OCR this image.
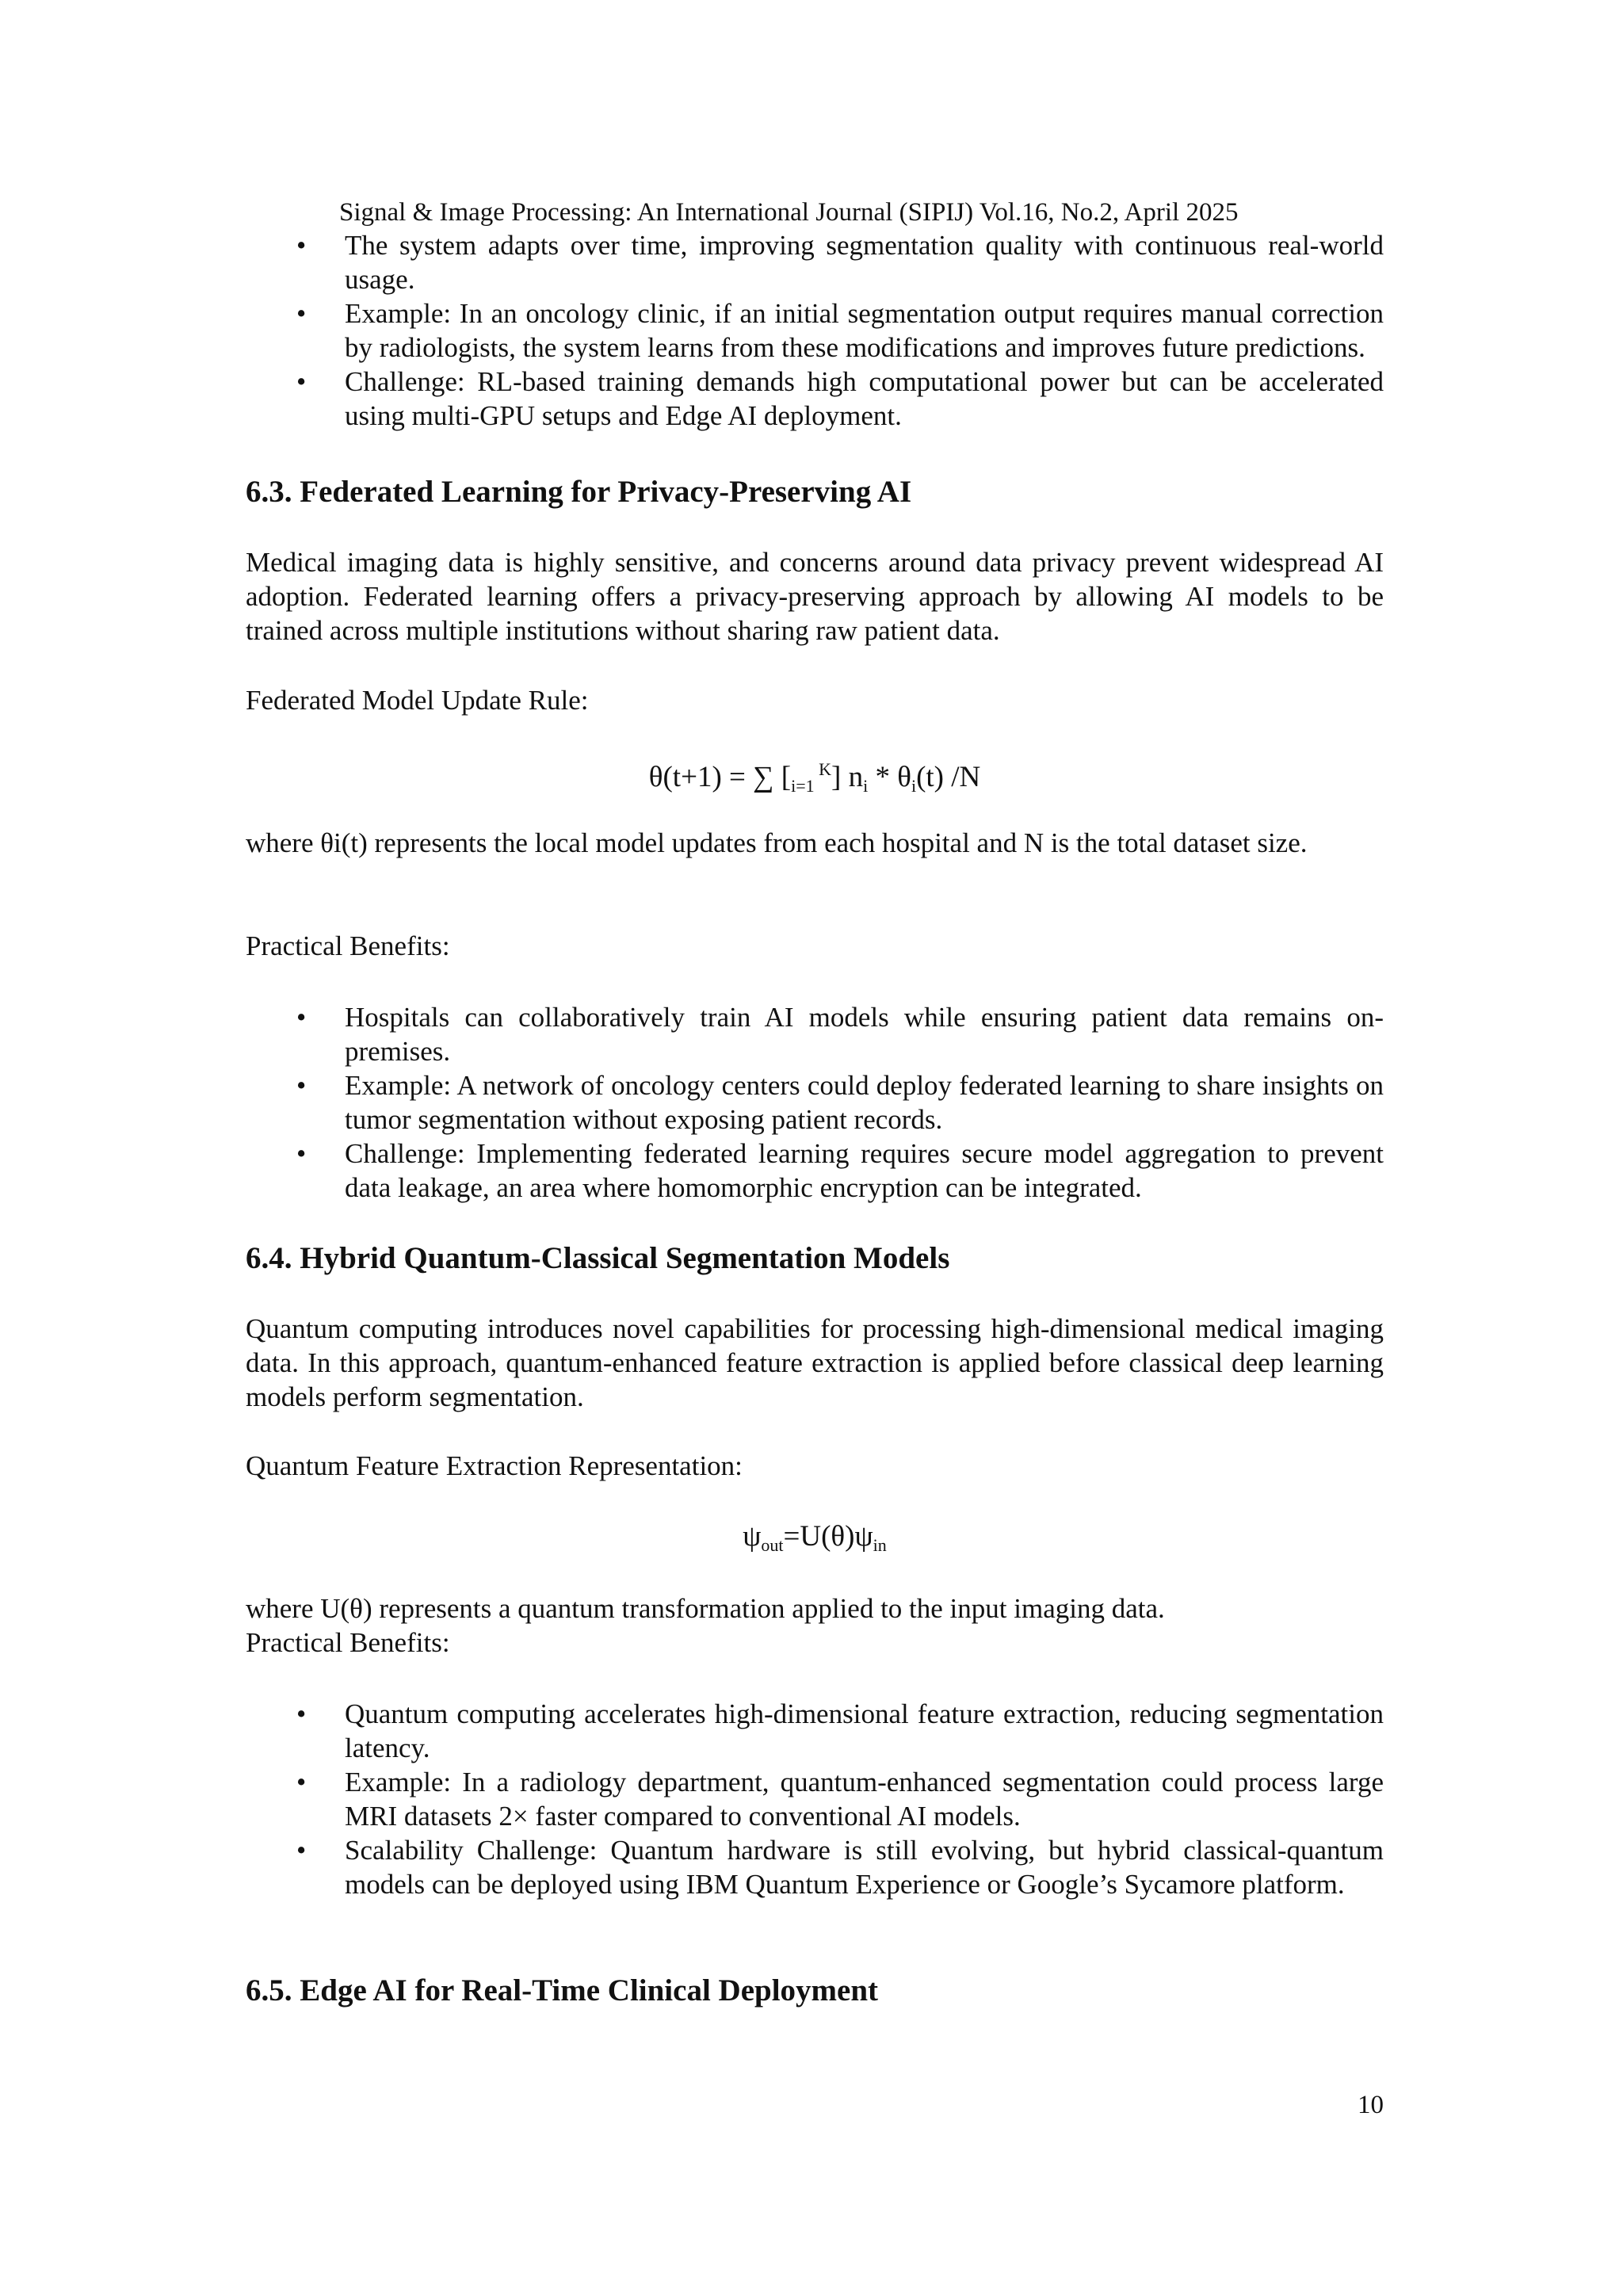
Signal & Image Processing: An International Journal (SIPIJ) Vol.16, No.2, April 2025
• The system adapts over time, improving segmentation quality with continuous real-world usage.
• Example: In an oncology clinic, if an initial segmentation output requires manual correction by radiologists, the system learns from these modifications and improves future predictions.
• Challenge: RL-based training demands high computational power but can be accelerated using multi-GPU setups and Edge AI deployment.
6.3. Federated Learning for Privacy-Preserving AI
Medical imaging data is highly sensitive, and concerns around data privacy prevent widespread AI adoption. Federated learning offers a privacy-preserving approach by allowing AI models to be trained across multiple institutions without sharing raw patient data.
Federated Model Update Rule:
θ(t+1) = ∑ [$_{i=1}$ $^K$] $n_i * \theta_i(t)$ /N
where θi(t) represents the local model updates from each hospital and N is the total dataset size.
Practical Benefits:
• Hospitals can collaboratively train AI models while ensuring patient data remains on-premises.
• Example: A network of oncology centers could deploy federated learning to share insights on tumor segmentation without exposing patient records.
• Challenge: Implementing federated learning requires secure model aggregation to prevent data leakage, an area where homomorphic encryption can be integrated.
6.4. Hybrid Quantum-Classical Segmentation Models
Quantum computing introduces novel capabilities for processing high-dimensional medical imaging data. In this approach, quantum-enhanced feature extraction is applied before classical deep learning models perform segmentation.
Quantum Feature Extraction Representation:
$\psi_{out}=U(\theta)\psi_{in}$
where U(θ) represents a quantum transformation applied to the input imaging data.
Practical Benefits:
• Quantum computing accelerates high-dimensional feature extraction, reducing segmentation latency.
• Example: In a radiology department, quantum-enhanced segmentation could process large MRI datasets 2× faster compared to conventional AI models.
• Scalability Challenge: Quantum hardware is still evolving, but hybrid classical-quantum models can be deployed using IBM Quantum Experience or Google’s Sycamore platform.
6.5. Edge AI for Real-Time Clinical Deployment
10
